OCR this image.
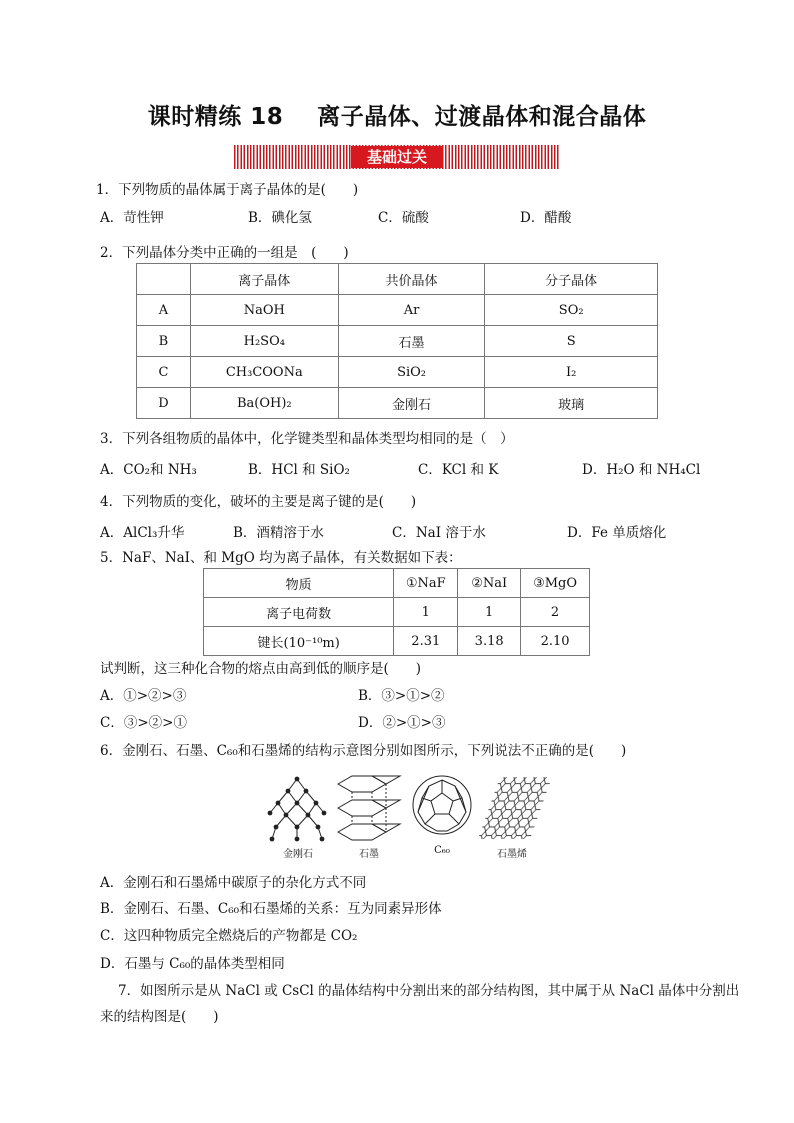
课时精练 18 离子晶体、过渡晶体和混合晶体
基础过关
1．下列物质的晶体属于离子晶体的是(　　)
A．苛性钾	B．碘化氢	C．硫酸	D．醋酸
2．下列晶体分类中正确的一组是　(　　)
	离子晶体	共价晶体	分子晶体
A	NaOH	Ar	SO₂
B	H₂SO₄	石墨	S
C	CH₃COONa	SiO₂	I₂
D	Ba(OH)₂	金刚石	玻璃
3．下列各组物质的晶体中，化学键类型和晶体类型均相同的是（　）
A．CO₂和 NH₃	B．HCl 和 SiO₂	C．KCl 和 K	D．H₂O 和 NH₄Cl
4．下列物质的变化，破坏的主要是离子键的是(　　)
A．AlCl₃升华	B．酒精溶于水	C．NaI 溶于水	D．Fe 单质熔化
5．NaF、NaI、和 MgO 均为离子晶体，有关数据如下表：
物质	①NaF	②NaI	③MgO
离子电荷数	1	1	2
键长(10⁻¹⁰m)	2.31	3.18	2.10
试判断，这三种化合物的熔点由高到低的顺序是(　　)
A．①>②>③	B．③>①>②
C．③>②>①	D．②>①>③
6．金刚石、石墨、C₆₀和石墨烯的结构示意图分别如图所示，下列说法不正确的是(　　)
金刚石	石墨	C₆₀	石墨烯
A．金刚石和石墨烯中碳原子的杂化方式不同
B．金刚石、石墨、C₆₀和石墨烯的关系：互为同素异形体
C．这四种物质完全燃烧后的产物都是 CO₂
D．石墨与 C₆₀的晶体类型相同
7．如图所示是从 NaCl 或 CsCl 的晶体结构中分割出来的部分结构图，其中属于从 NaCl 晶体中分割出
来的结构图是(　　)
